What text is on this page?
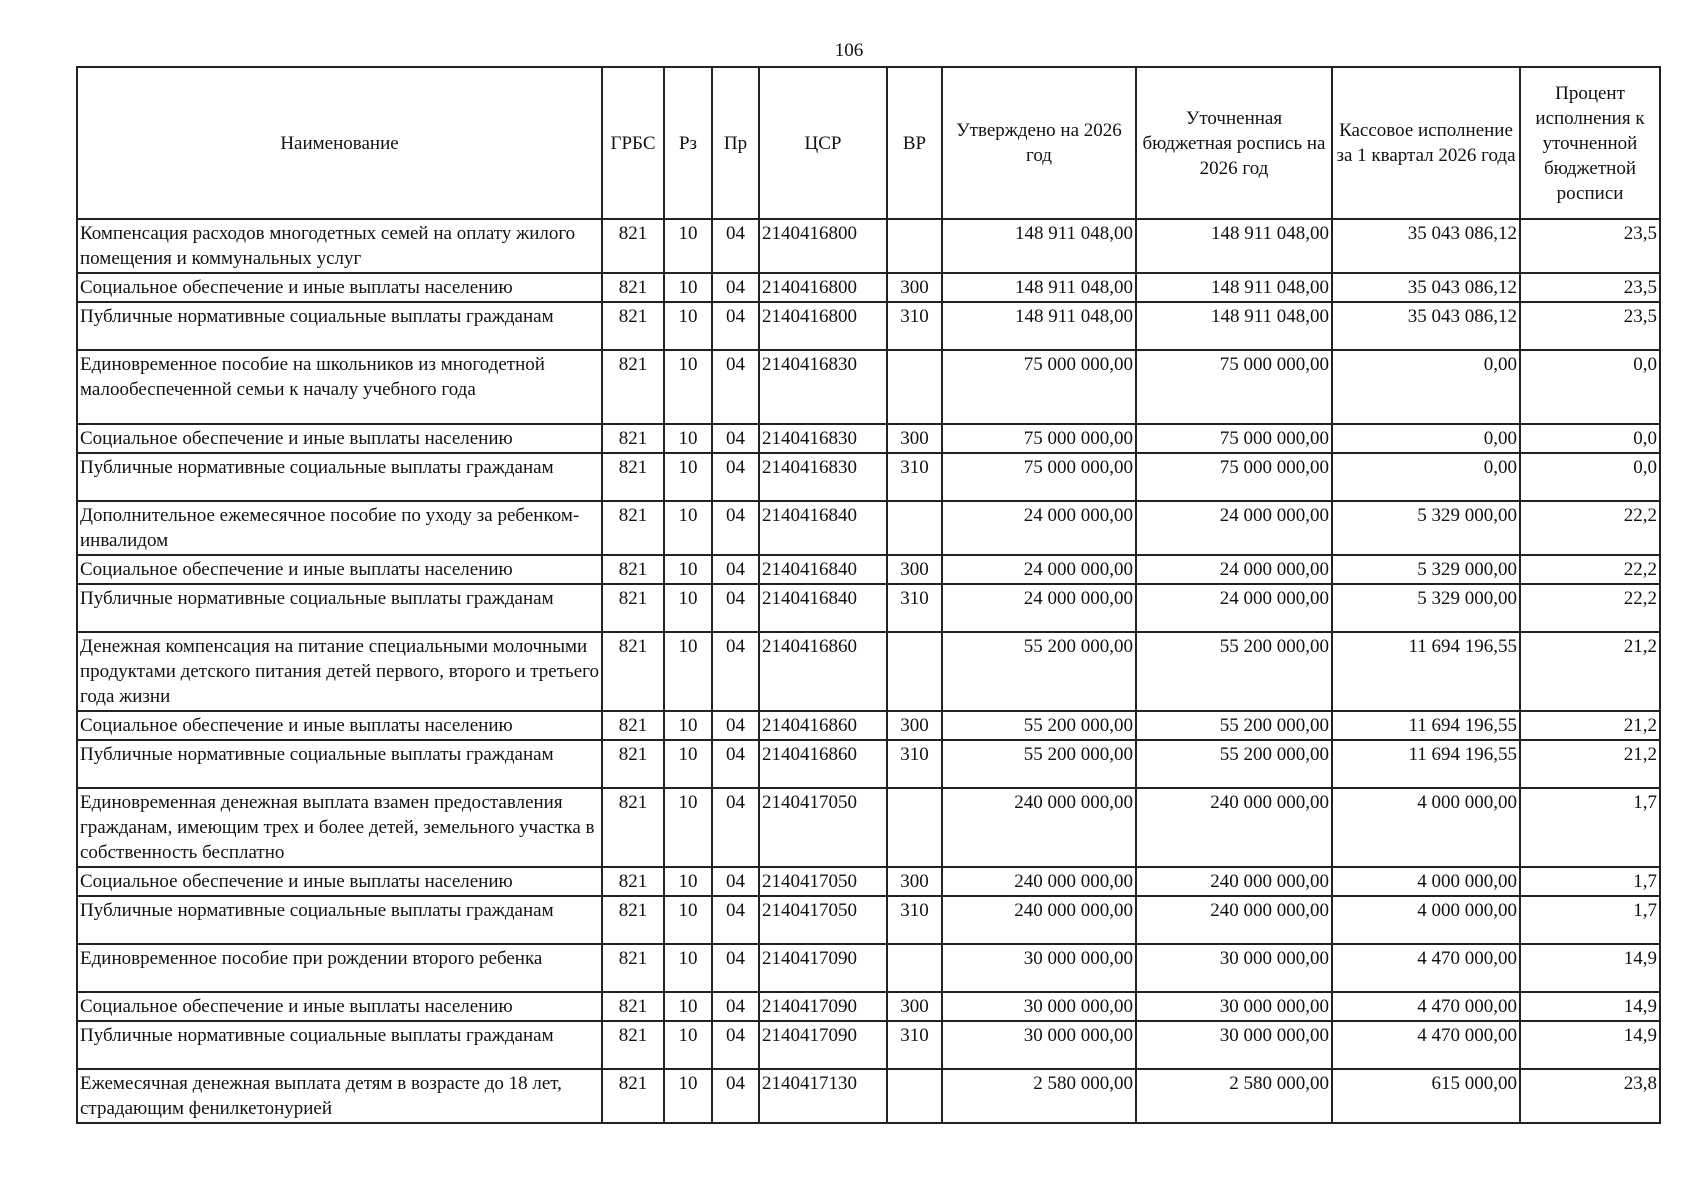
106
Наименование	ГРБС	Рз	Пр	ЦСР	ВР	Утверждено на 2026 год	Уточненная бюджетная роспись на 2026 год	Кассовое исполнение за 1 квартал 2026 года	Процент исполнения к уточненной бюджетной росписи
Компенсация расходов многодетных семей на оплату жилого помещения и коммунальных услуг	821	10	04	2140416800		148 911 048,00	148 911 048,00	35 043 086,12	23,5
Социальное обеспечение и иные выплаты населению	821	10	04	2140416800	300	148 911 048,00	148 911 048,00	35 043 086,12	23,5
Публичные нормативные социальные выплаты гражданам	821	10	04	2140416800	310	148 911 048,00	148 911 048,00	35 043 086,12	23,5
Единовременное пособие на школьников из многодетной малообеспеченной семьи к началу учебного года	821	10	04	2140416830		75 000 000,00	75 000 000,00	0,00	0,0
Социальное обеспечение и иные выплаты населению	821	10	04	2140416830	300	75 000 000,00	75 000 000,00	0,00	0,0
Публичные нормативные социальные выплаты гражданам	821	10	04	2140416830	310	75 000 000,00	75 000 000,00	0,00	0,0
Дополнительное ежемесячное пособие по уходу за ребенком-инвалидом	821	10	04	2140416840		24 000 000,00	24 000 000,00	5 329 000,00	22,2
Социальное обеспечение и иные выплаты населению	821	10	04	2140416840	300	24 000 000,00	24 000 000,00	5 329 000,00	22,2
Публичные нормативные социальные выплаты гражданам	821	10	04	2140416840	310	24 000 000,00	24 000 000,00	5 329 000,00	22,2
Денежная компенсация на питание специальными молочными продуктами детского питания детей первого, второго и третьего года жизни	821	10	04	2140416860		55 200 000,00	55 200 000,00	11 694 196,55	21,2
Социальное обеспечение и иные выплаты населению	821	10	04	2140416860	300	55 200 000,00	55 200 000,00	11 694 196,55	21,2
Публичные нормативные социальные выплаты гражданам	821	10	04	2140416860	310	55 200 000,00	55 200 000,00	11 694 196,55	21,2
Единовременная денежная выплата взамен предоставления гражданам, имеющим трех и более детей, земельного участка в собственность бесплатно	821	10	04	2140417050		240 000 000,00	240 000 000,00	4 000 000,00	1,7
Социальное обеспечение и иные выплаты населению	821	10	04	2140417050	300	240 000 000,00	240 000 000,00	4 000 000,00	1,7
Публичные нормативные социальные выплаты гражданам	821	10	04	2140417050	310	240 000 000,00	240 000 000,00	4 000 000,00	1,7
Единовременное пособие при рождении второго ребенка	821	10	04	2140417090		30 000 000,00	30 000 000,00	4 470 000,00	14,9
Социальное обеспечение и иные выплаты населению	821	10	04	2140417090	300	30 000 000,00	30 000 000,00	4 470 000,00	14,9
Публичные нормативные социальные выплаты гражданам	821	10	04	2140417090	310	30 000 000,00	30 000 000,00	4 470 000,00	14,9
Ежемесячная денежная выплата детям в возрасте до 18 лет, страдающим фенилкетонурией	821	10	04	2140417130		2 580 000,00	2 580 000,00	615 000,00	23,8
